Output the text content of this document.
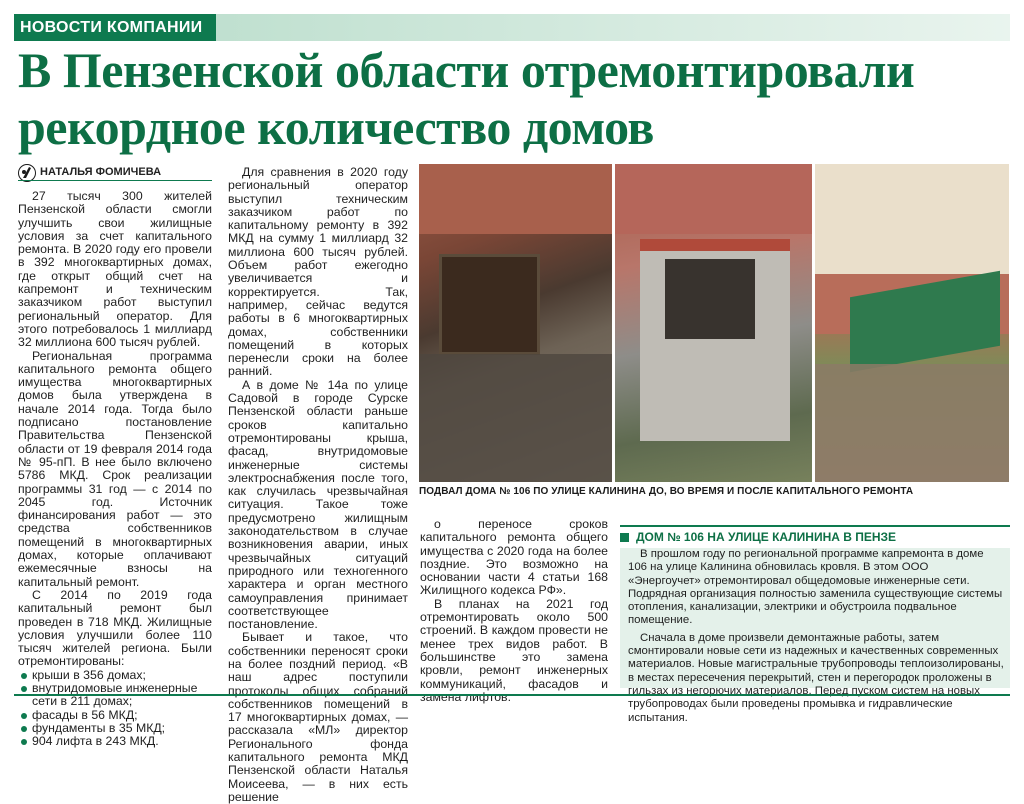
НОВОСТИ КОМПАНИИ
В Пензенской области отремонтировали рекордное количество домов
НАТАЛЬЯ ФОМИЧЕВА

27 тысяч 300 жителей Пензенской области смогли улучшить свои жилищные условия за счет капитального ремонта. В 2020 году его провели в 392 многоквартирных домах, где открыт общий счет на капремонт и техническим заказчиком работ выступил региональный оператор. Для этого потребовалось 1 миллиард 32 миллиона 600 тысяч рублей.

Региональная программа капитального ремонта общего имущества многоквартирных домов была утверждена в начале 2014 года. Тогда было подписано постановление Правительства Пензенской области от 19 февраля 2014 года № 95-пП. В нее было включено 5786 МКД. Срок реализации программы 31 год — с 2014 по 2045 год. Источник финансирования работ — это средства собственников помещений в многоквартирных домах, которые оплачивают ежемесячные взносы на капитальный ремонт.

С 2014 по 2019 года капитальный ремонт был проведен в 718 МКД. Жилищные условия улучшили более 110 тысяч жителей региона. Были отремонтированы:

крыши в 356 домах;
внутридомовые инженерные сети в 211 домах;
фасады в 56 МКД;
фундаменты в 35 МКД;
904 лифта в 243 МКД.

Для сравнения в 2020 году региональный оператор выступил техническим заказчиком работ по капитальному ремонту в 392 МКД на сумму 1 миллиард 32 миллиона 600 тысяч рублей. Объем работ ежегодно увеличивается и корректируется. Так, например, сейчас ведутся работы в 6 многоквартирных домах, собственники помещений в которых перенесли сроки на более ранний.

А в доме № 14а по улице Садовой в городе Сурске Пензенской области раньше сроков капитально отремонтированы крыша, фасад, внутридомовые инженерные системы электроснабжения после того, как случилась чрезвычайная ситуация. Такое тоже предусмотрено жилищным законодательством в случае возникновения аварии, иных чрезвычайных ситуаций природного или техногенного характера и орган местного самоуправления принимает соответствующее постановление.

Бывает и такое, что собственники переносят сроки на более поздний период. «В наш адрес поступили протоколы общих собраний собственников помещений в 17 многоквартирных домах, — рассказала «МЛ» директор Регионального фонда капитального ремонта МКД Пензенской области Наталья Моисеева, — в них есть решение

ПОДВАЛ ДОМА № 106 ПО УЛИЦЕ КАЛИНИНА ДО, ВО ВРЕМЯ И ПОСЛЕ КАПИТАЛЬНОГО РЕМОНТА

о переносе сроков капитального ремонта общего имущества с 2020 года на более поздние. Это возможно на основании части 4 статьи 168 Жилищного кодекса РФ».

В планах на 2021 год отремонтировать около 500 строений. В каждом провести не менее трех видов работ. В большинстве это замена кровли, ремонт инженерных коммуникаций, фасадов и замена лифтов.

ДОМ № 106 НА УЛИЦЕ КАЛИНИНА В ПЕНЗЕ

В прошлом году по региональной программе капремонта в доме 106 на улице Калинина обновилась кровля. В этом ООО «Энергоучет» отремонтировал общедомовые инженерные сети. Подрядная организация полностью заменила существующие системы отопления, канализации, электрики и обустроила подвальное помещение.

Сначала в доме произвели демонтажные работы, затем смонтировали новые сети из надежных и качественных современных материалов. Новые магистральные трубопроводы теплоизолированы, в местах пересечения перекрытий, стен и перегородок проложены в гильзах из негорючих материалов. Перед пуском систем на новых трубопроводах были проведены промывка и гидравлические испытания.
